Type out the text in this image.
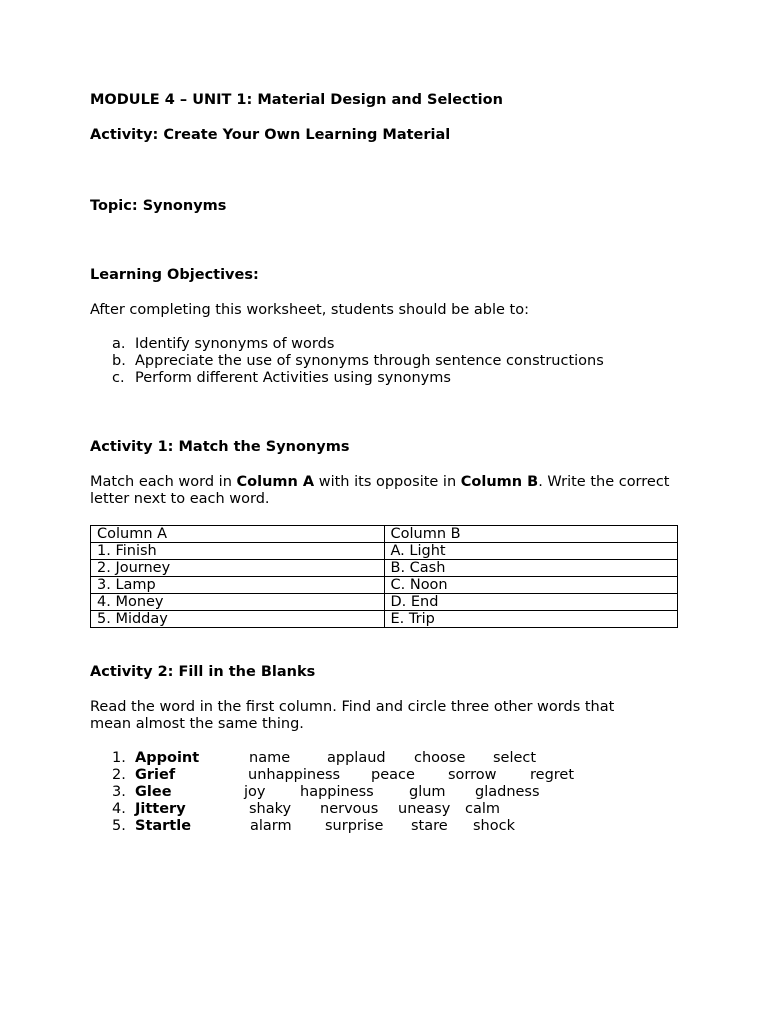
MODULE 4 – UNIT 1: Material Design and Selection
Activity: Create Your Own Learning Material
Topic: Synonyms
Learning Objectives:
After completing this worksheet, students should be able to:
a. Identify synonyms of words
b. Appreciate the use of synonyms through sentence constructions
c. Perform different Activities using synonyms
Activity 1: Match the Synonyms
Match each word in Column A with its opposite in Column B. Write the correct letter next to each word.
Column A	Column B
1. Finish	A. Light
2. Journey	B. Cash
3. Lamp	C. Noon
4. Money	D. End
5. Midday	E. Trip
Activity 2: Fill in the Blanks
Read the word in the first column. Find and circle three other words that mean almost the same thing.
1. Appoint	name	applaud choose select
2. Grief	unhappiness peace sorrow regret
3. Glee	joy happiness glum gladness
4. Jittery	shaky nervous uneasy calm
5. Startle	alarm surprise stare shock
